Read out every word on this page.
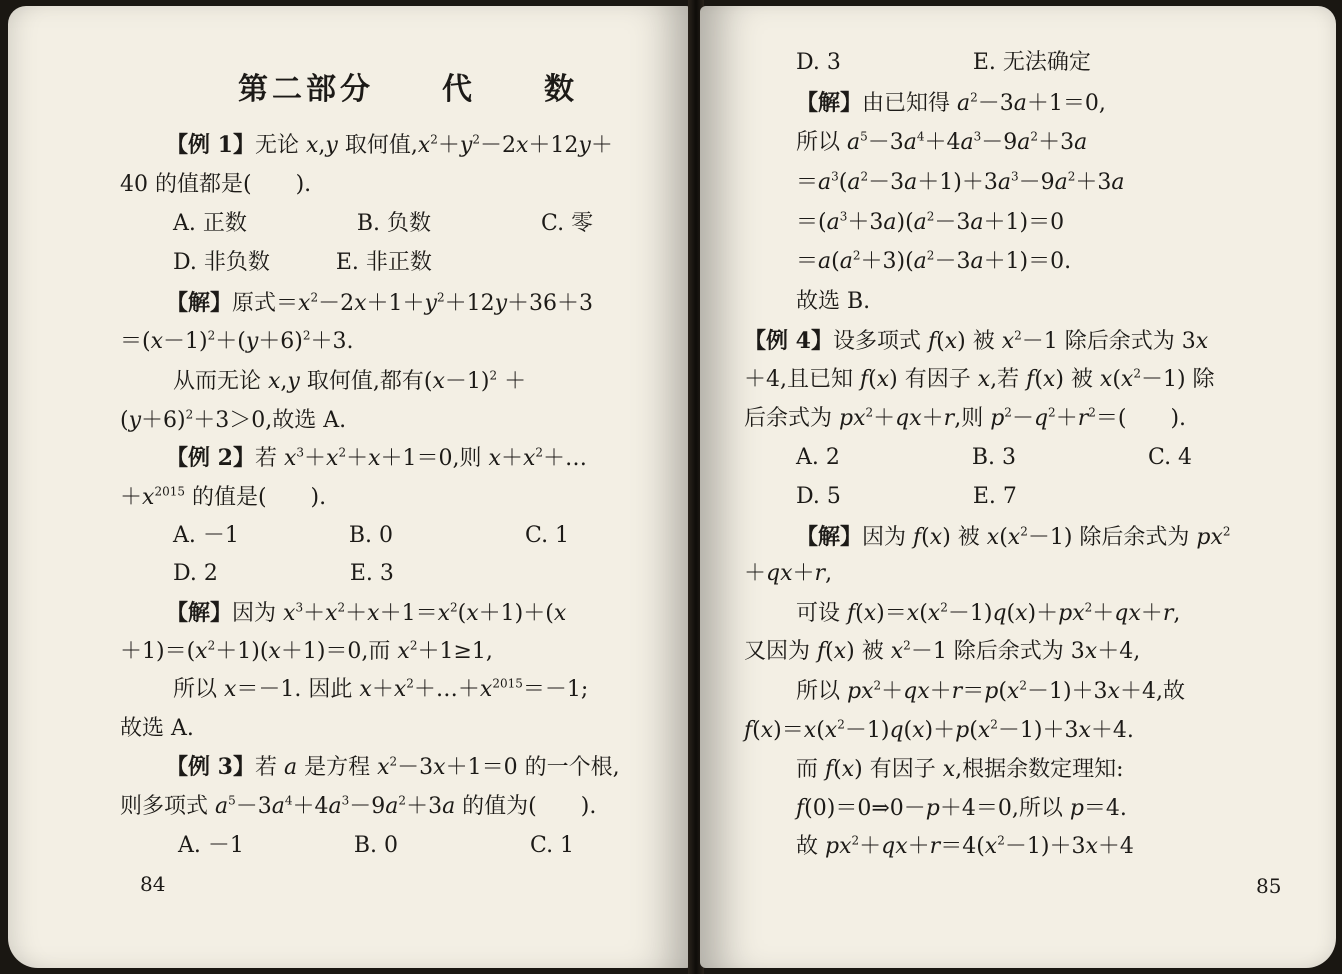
第二部分　　代　　数
【例 1】无论 x,y 取何值$,x^2+y^2-2x+12y+$
40 的值都是(　　).
A. 正数　　　　　B. 负数　　　　　C. 零
D. 非负数　　　E. 非正数
【解】原式$=x^2-2x+1+y^2+12y+36+3$
$=(x-1)^2+(y+6)^2+3$.
从而无论 x,y 取何值,都有$(x-1)^2$ ＋
$(y+6)^2+3>0$,故选 A.
【例 2】若 $x^3+x^2+x+1=0$,则 $x+x^2+\dots$
$+x^{2015}$ 的值是(　　).
A. －1　　　　　B. 0　　　　　　C. 1
D. 2　　　　　　E. 3
【解】因为 $x^3+x^2+x+1=x^2(x+1)+(x$
$+1)=(x^2+1)(x+1)=0$,而 $x^2+1\ge 1$,
所以 x＝－1. 因此 $x+x^2+\dots+x^{2015}=-1$;
故选 A.
【例 3】若 a 是方程 $x^2-3x+1=0$ 的一个根,
则多项式 $a^5-3a^4+4a^3-9a^2+3a$ 的值为(　　).
A. －1　　　　　B. 0　　　　　　C. 1
84
D. 3　　　　　　E. 无法确定
【解】由已知得 $a^2-3a+1=0$,
所以 $a^5-3a^4+4a^3-9a^2+3a$
$=a^3(a^2-3a+1)+3a^3-9a^2+3a$
$=(a^3+3a)(a^2-3a+1)=0$
$=a(a^2+3)(a^2-3a+1)=0$.
故选 B.
【例 4】设多项式 f(x) 被 $x^2-1$ 除后余式为 3x
＋4,且已知 f(x) 有因子 x,若 f(x) 被 $x(x^2-1)$ 除
后余式为 $px^2+qx+r$,则 $p^2-q^2+r^2=$(　　).
A. 2　　　　　　B. 3　　　　　　C. 4
D. 5　　　　　　E. 7
【解】因为 f(x) 被 $x(x^2-1)$ 除后余式为 $px^2$
＋qx＋r,
可设 $f(x)=x(x^2-1)q(x)+px^2+qx+r$,
又因为 f(x) 被 $x^2-1$ 除后余式为 3x＋4,
所以 $px^2+qx+r=p(x^2-1)+3x+4$,故
$f(x)=x(x^2-1)q(x)+p(x^2-1)+3x+4$.
而 f(x) 有因子 x,根据余数定理知:
f(0)＝0⇒0－p＋4＝0,所以 p＝4.
故 $px^2+qx+r=4(x^2-1)+3x+4$
85
